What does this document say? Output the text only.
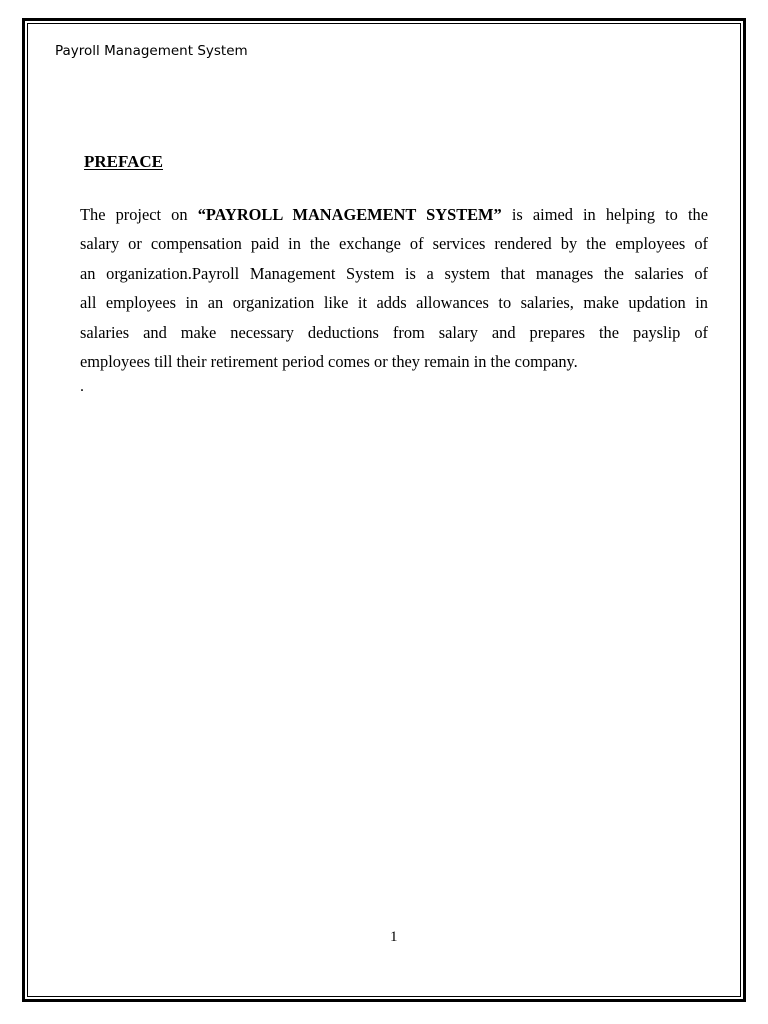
Payroll Management System
PREFACE

The project on “PAYROLL MANAGEMENT SYSTEM” is aimed in helping to the
salary or compensation paid in the exchange of services rendered by the employees of
an organization.Payroll Management System is a system that manages the salaries of
all employees in an organization like it adds allowances to salaries, make updation in
salaries and make necessary deductions from salary and prepares the payslip of
employees till their retirement period comes or they remain in the company.

.
1
